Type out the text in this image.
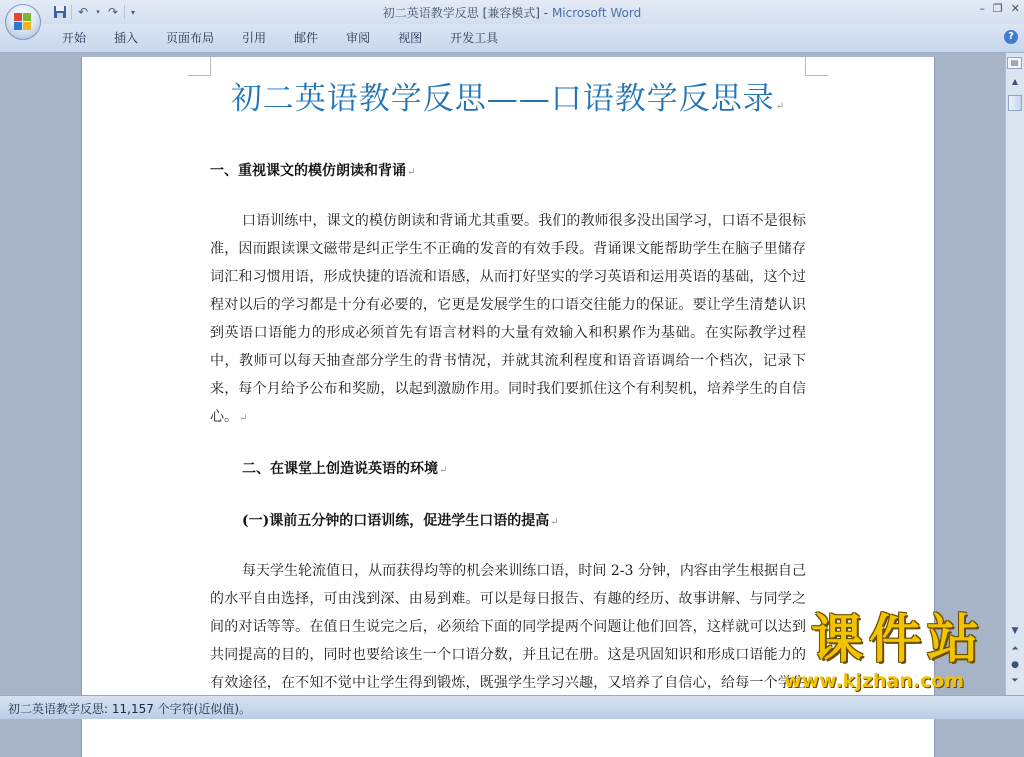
↶	▾ ↷	▾	初二英语教学反思 [兼容模式] - Microsoft Word	– ❐ ✕
开始	插入	页面布局	引用	邮件	审阅	视图	开发工具	?

初二英语教学反思——口语教学反思录↵

一、重视课文的模仿朗读和背诵↵

口语训练中，课文的模仿朗读和背诵尤其重要。我们的教师很多没出国学习，口语不是很标准，因而跟读课文磁带是纠正学生不正确的发音的有效手段。背诵课文能帮助学生在脑子里储存词汇和习惯用语，形成快捷的语流和语感，从而打好坚实的学习英语和运用英语的基础，这个过程对以后的学习都是十分有必要的，它更是发展学生的口语交往能力的保证。要让学生清楚认识到英语口语能力的形成必须首先有语言材料的大量有效输入和积累作为基础。在实际教学过程中，教师可以每天抽查部分学生的背书情况，并就其流利程度和语音语调给一个档次，记录下来，每个月给予公布和奖励，以起到激励作用。同时我们要抓住这个有利契机，培养学生的自信心。↵

二、在课堂上创造说英语的环境↵

(一)课前五分钟的口语训练，促进学生口语的提高↵

每天学生轮流值日，从而获得均等的机会来训练口语，时间 2-3 分钟，内容由学生根据自己的水平自由选择，可由浅到深、由易到难。可以是每日报告、有趣的经历、故事讲解、与同学之间的对话等等。在值日生说完之后，必须给下面的同学提两个问题让他们回答，这样就可以达到共同提高的目的，同时也要给该生一个口语分数，并且记在册。这是巩固知识和形成口语能力的有效途径，在不知不觉中让学生得到锻炼，既强学生学习兴趣，又培养了自信心，给每一个学生

▤
▲
▼
⏶
●
⏷
初二英语教学反思: 11,157 个字符(近似值)。
课件站
www.kjzhan.com
